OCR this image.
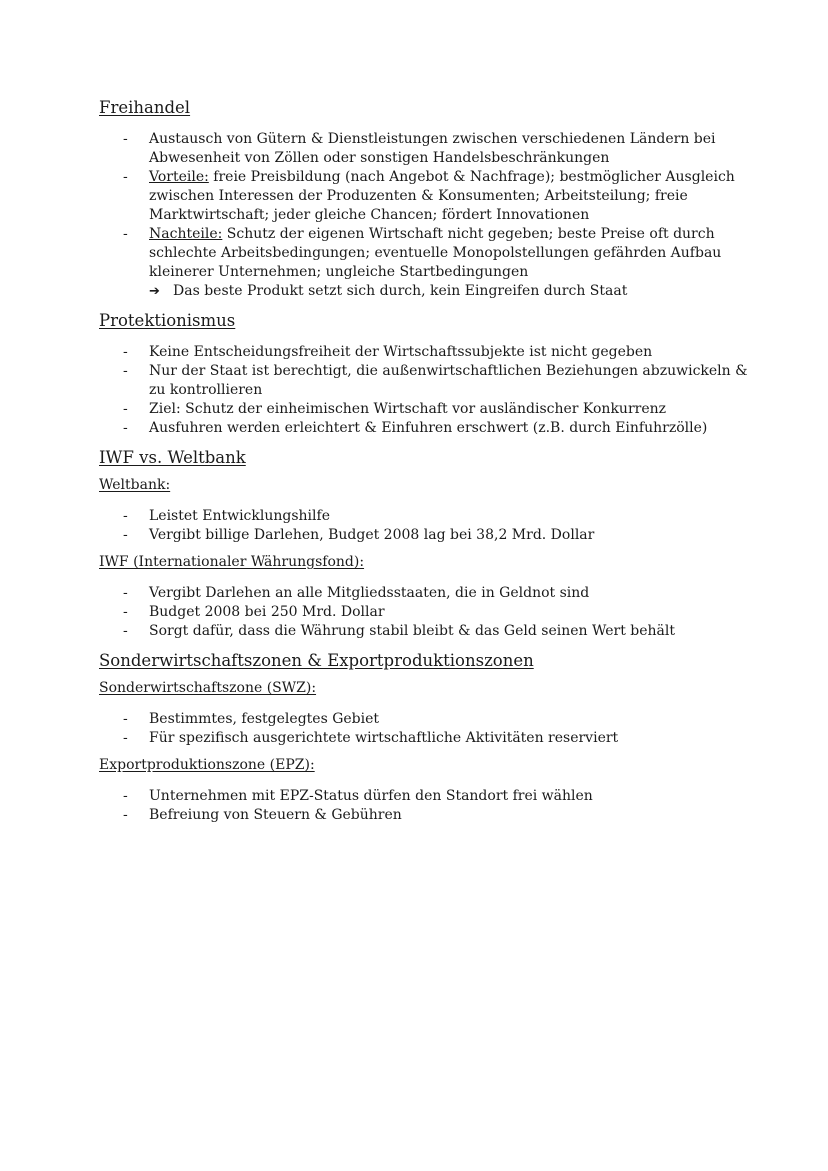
Freihandel
- Austausch von Gütern & Dienstleistungen zwischen verschiedenen Ländern bei Abwesenheit von Zöllen oder sonstigen Handelsbeschränkungen
- Vorteile: freie Preisbildung (nach Angebot & Nachfrage); bestmöglicher Ausgleich zwischen Interessen der Produzenten & Konsumenten; Arbeitsteilung; freie Marktwirtschaft; jeder gleiche Chancen; fördert Innovationen
- Nachteile: Schutz der eigenen Wirtschaft nicht gegeben; beste Preise oft durch schlechte Arbeitsbedingungen; eventuelle Monopolstellungen gefährden Aufbau kleinerer Unternehmen; ungleiche Startbedingungen
➔ Das beste Produkt setzt sich durch, kein Eingreifen durch Staat
Protektionismus
- Keine Entscheidungsfreiheit der Wirtschaftssubjekte ist nicht gegeben
- Nur der Staat ist berechtigt, die außenwirtschaftlichen Beziehungen abzuwickeln & zu kontrollieren
- Ziel: Schutz der einheimischen Wirtschaft vor ausländischer Konkurrenz
- Ausfuhren werden erleichtert & Einfuhren erschwert (z.B. durch Einfuhrzölle)
IWF vs. Weltbank
Weltbank:
- Leistet Entwicklungshilfe
- Vergibt billige Darlehen, Budget 2008 lag bei 38,2 Mrd. Dollar
IWF (Internationaler Währungsfond):
- Vergibt Darlehen an alle Mitgliedsstaaten, die in Geldnot sind
- Budget 2008 bei 250 Mrd. Dollar
- Sorgt dafür, dass die Währung stabil bleibt & das Geld seinen Wert behält
Sonderwirtschaftszonen & Exportproduktionszonen
Sonderwirtschaftszone (SWZ):
- Bestimmtes, festgelegtes Gebiet
- Für spezifisch ausgerichtete wirtschaftliche Aktivitäten reserviert
Exportproduktionszone (EPZ):
- Unternehmen mit EPZ-Status dürfen den Standort frei wählen
- Befreiung von Steuern & Gebühren
